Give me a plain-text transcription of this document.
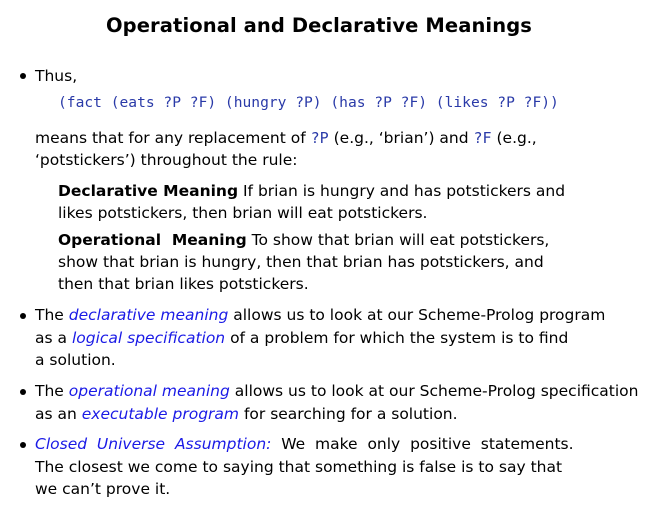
Operational and Declarative Meanings
Thus,
(fact (eats ?P ?F) (hungry ?P) (has ?P ?F) (likes ?P ?F))
means that for any replacement of ?P (e.g., ‘brian’) and ?F (e.g.,
‘potstickers’) throughout the rule:
Declarative Meaning If brian is hungry and has potstickers and
likes potstickers, then brian will eat potstickers.
Operational  Meaning To show that brian will eat potstickers,
show that brian is hungry, then that brian has potstickers, and
then that brian likes potstickers.
The declarative meaning allows us to look at our Scheme-Prolog program
as a logical specification of a problem for which the system is to find
a solution.
The operational meaning allows us to look at our Scheme-Prolog specification
as an executable program for searching for a solution.
Closed  Universe  Assumption:  We  make  only  positive  statements.
The closest we come to saying that something is false is to say that
we can’t prove it.
